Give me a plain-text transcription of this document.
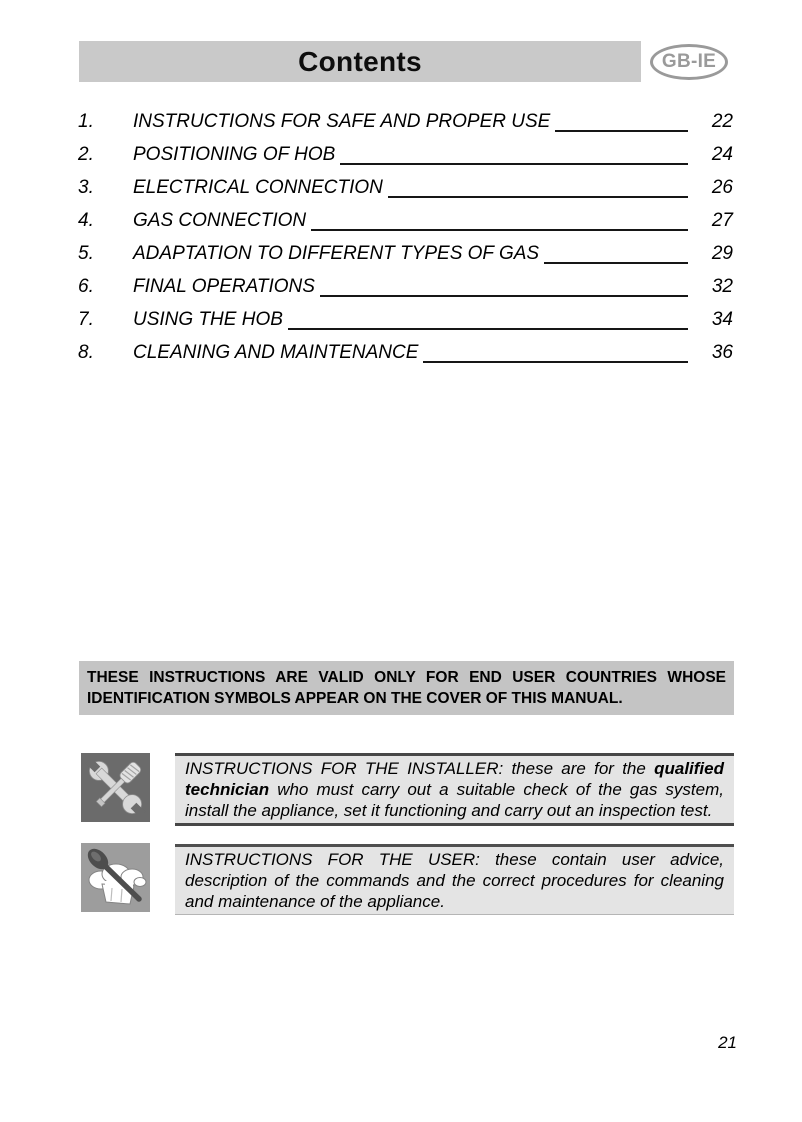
Contents	GB-IE
1.	INSTRUCTIONS FOR SAFE AND PROPER USE	22
2.	POSITIONING OF HOB	24
3.	ELECTRICAL CONNECTION	26
4.	GAS CONNECTION	27
5.	ADAPTATION TO DIFFERENT TYPES OF GAS	29
6.	FINAL OPERATIONS	32
7.	USING THE HOB	34
8.	CLEANING AND MAINTENANCE	36
THESE INSTRUCTIONS ARE VALID ONLY FOR END USER COUNTRIES WHOSE
IDENTIFICATION SYMBOLS APPEAR ON THE COVER OF THIS MANUAL.
INSTRUCTIONS FOR THE INSTALLER: these are for the qualified
technician who must carry out a suitable check of the gas system,
install the appliance, set it functioning and carry out an inspection test.
INSTRUCTIONS FOR THE USER: these contain user advice,
description of the commands and the correct procedures for cleaning
and maintenance of the appliance.
21
